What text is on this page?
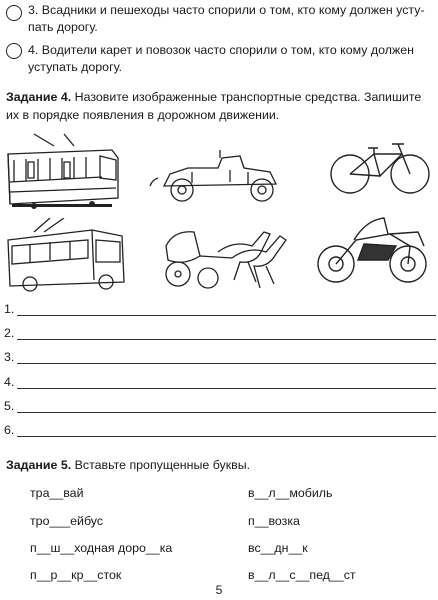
3. Всадники и пешеходы часто спорили о том, кто кому должен усту-пать дорогу.
4. Водители карет и повозок часто спорили о том, кто кому должен уступать дорогу.
Задание 4. Назовите изображенные транспортные средства. Запишите их в порядке появления в дорожном движении.
1.
2.
3.
4.
5.
6.
Задание 5. Вставьте пропущенные буквы.
тра__вай
тро___ейбус
п__ш__ходная доро__ка
п__р__кр__сток
в__л__мобиль
п__возка
вс__дн__к
в__л__с__пед__ст
5
